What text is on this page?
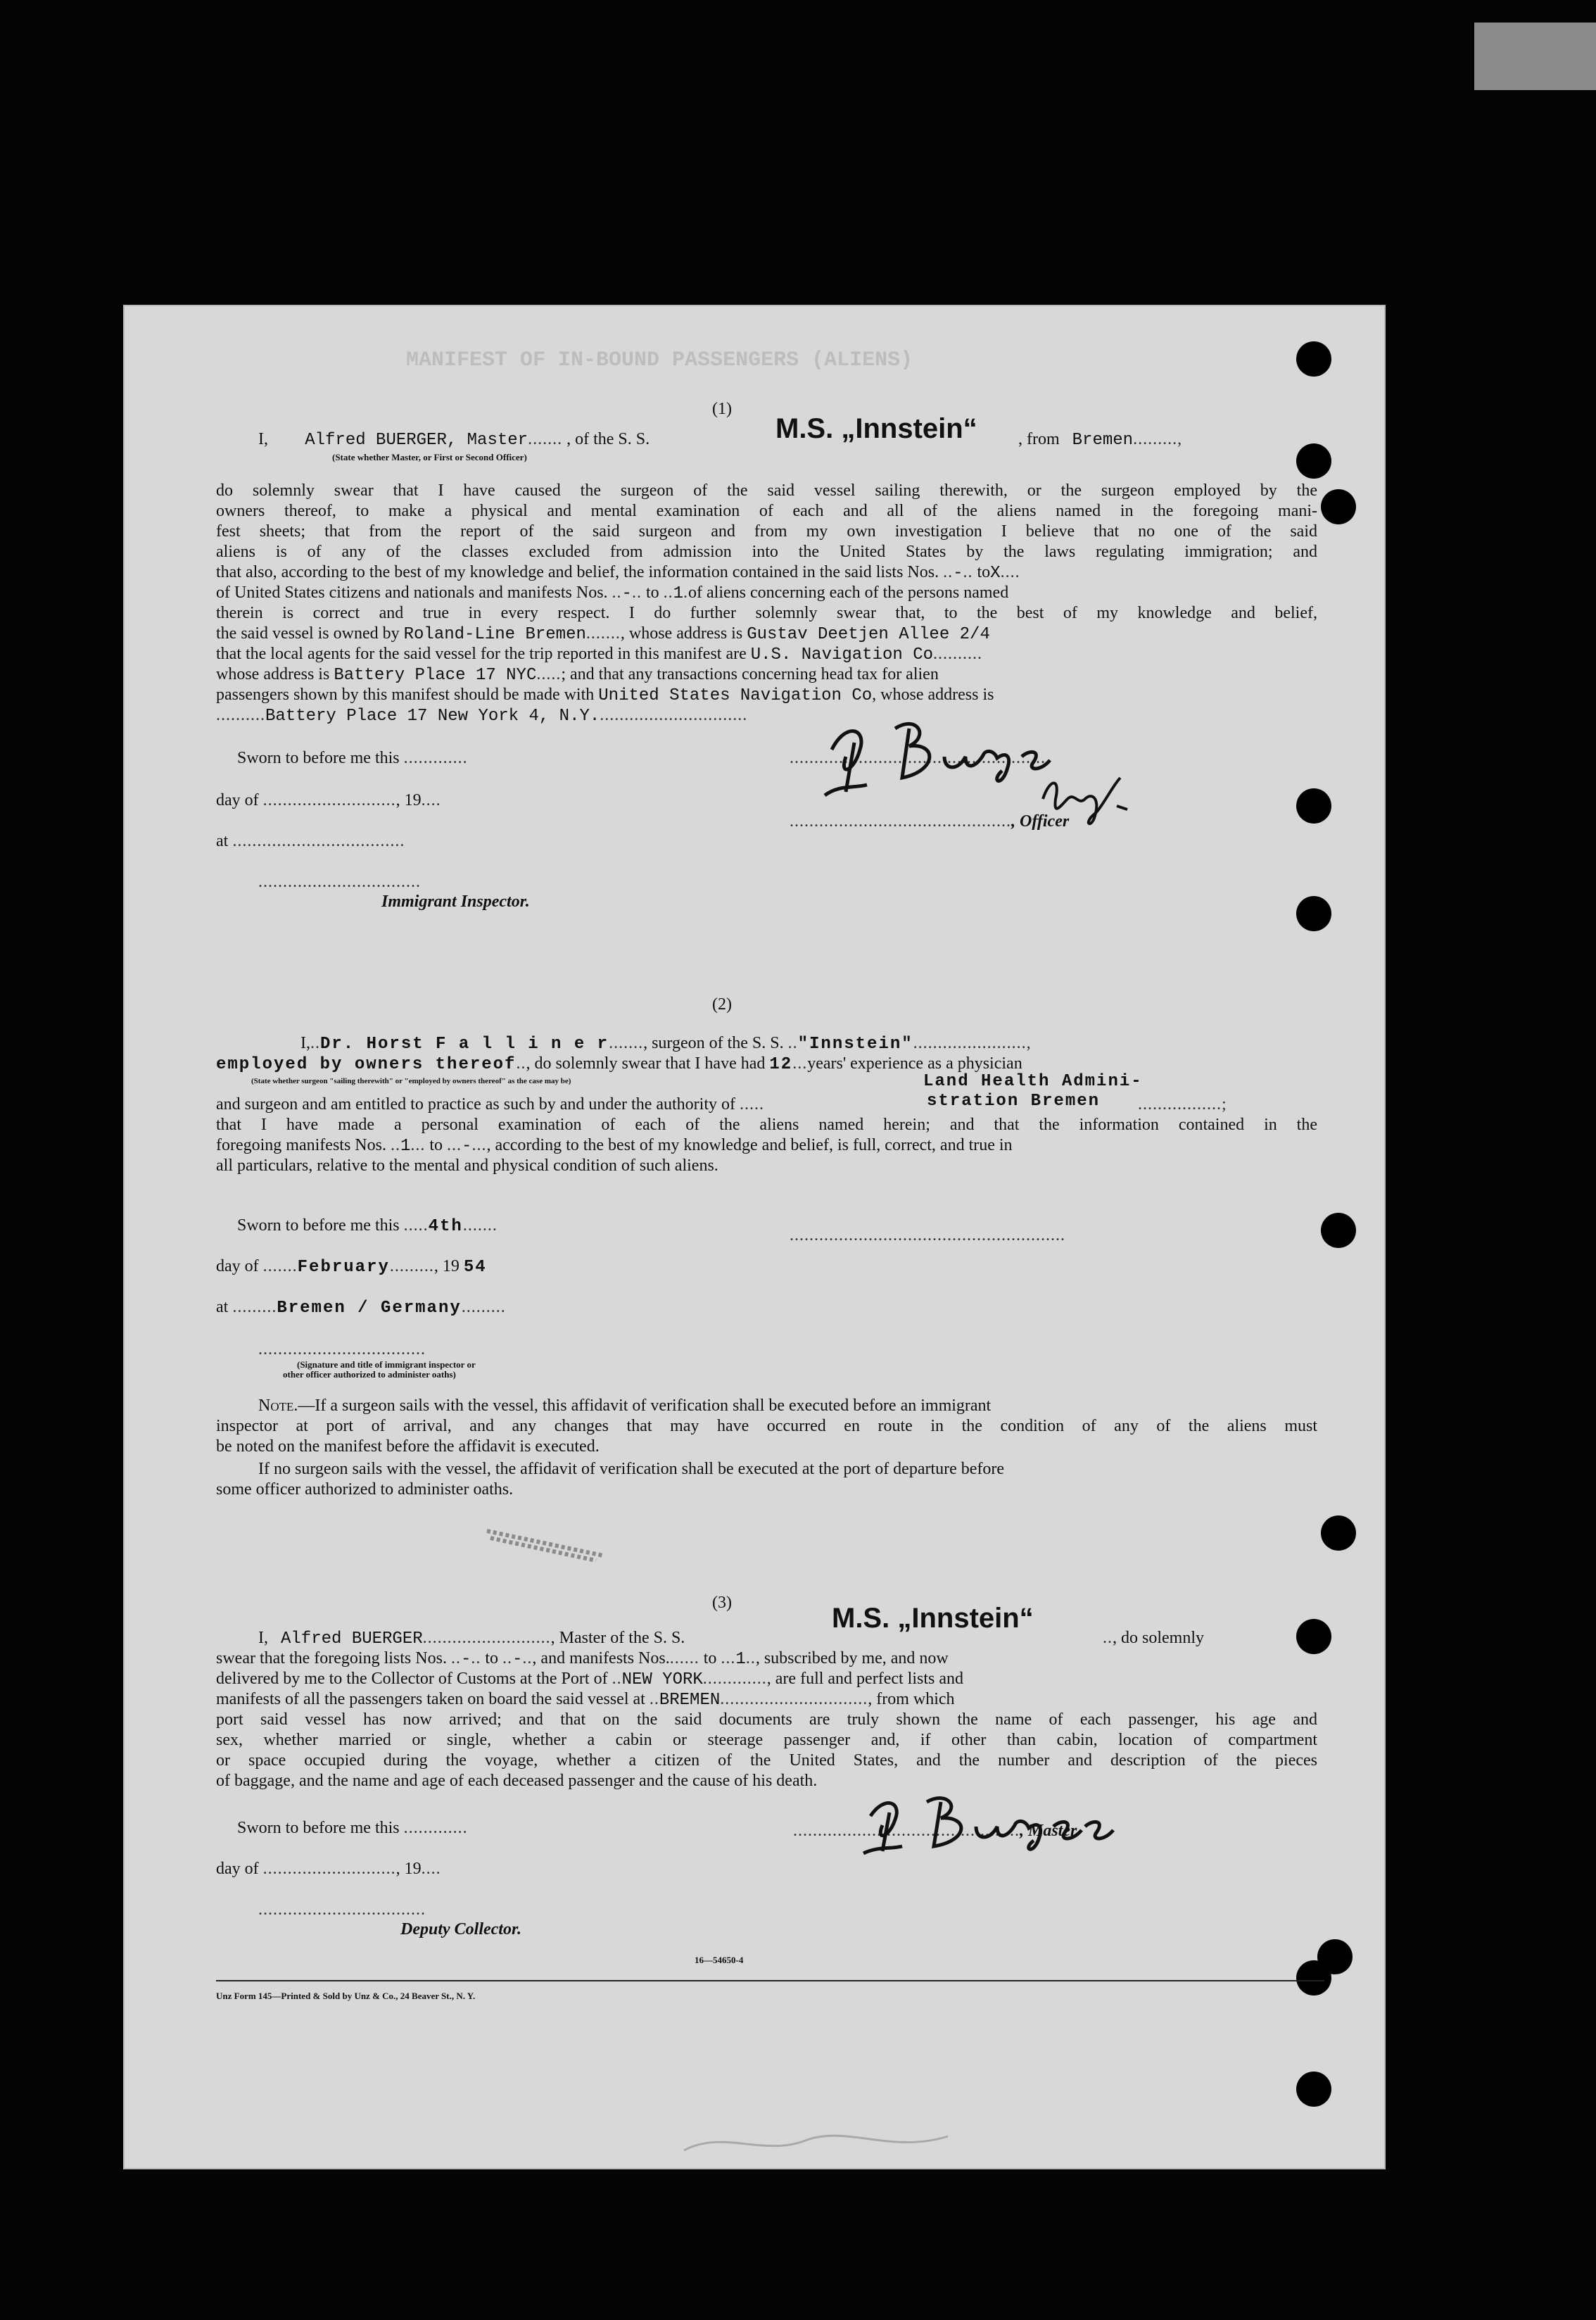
MANIFEST OF IN-BOUND PASSENGERS (ALIENS)
(1)
I, Alfred BUERGER, Master....... , of the S. S.	M.S. „Innstein“ , from Bremen.........,
(State whether Master, or First or Second Officer)
do solemnly swear that I have caused the surgeon of the said vessel sailing therewith, or the surgeon employed by the
owners thereof, to make a physical and mental examination of each and all of the aliens named in the foregoing mani-
fest sheets; that from the report of the said surgeon and from my own investigation I believe that no one of the said
aliens is of any of the classes excluded from admission into the United States by the laws regulating immigration; and
that also, according to the best of my knowledge and belief, the information contained in the said lists Nos. ..-.. toX....
of United States citizens and nationals and manifests Nos. ..-.. to ..1.of aliens concerning each of the persons named
therein is correct and true in every respect. I do further solemnly swear that, to the best of my knowledge and belief,
the said vessel is owned by Roland-Line Bremen......., whose address is Gustav Deetjen Allee 2/4
that the local agents for the said vessel for the trip reported in this manifest are U.S. Navigation Co..........
whose address is Battery Place 17 NYC.....; and that any transactions concerning head tax for alien
passengers shown by this manifest should be made with United States Navigation Co, whose address is
..........Battery Place 17 New York 4, N.Y...............................
Sworn to before me this .............
day of ..........................., 19....
at ...................................
.................................
Immigrant Inspector.
....................................................
............................................., Officer
(2)
I,..Dr. Horst F a l l i n e r......., surgeon of the S. S. .."Innstein".......................,
employed by owners thereof.., do solemnly swear that I have had 12...years' experience as a physician
(State whether surgeon "sailing therewith" or "employed by owners thereof" as the case may be)	Land Health Admini-
and surgeon and am entitled to practice as such by and under the authority of .....	stration Bremen .................;
that I have made a personal examination of each of the aliens named herein; and that the information contained in the
foregoing manifests Nos. ..1... to ...-..., according to the best of my knowledge and belief, is full, correct, and true in
all particulars, relative to the mental and physical condition of such aliens.
Sworn to before me this .....4th.......
day of .......February........., 19 54
at .........Bremen / Germany.........
..................................
(Signature and title of immigrant inspector or
other officer authorized to administer oaths)
........................................................
Note.—If a surgeon sails with the vessel, this affidavit of verification shall be executed before an immigrant
inspector at port of arrival, and any changes that may have occurred en route in the condition of any of the aliens must
be noted on the manifest before the affidavit is executed.
If no surgeon sails with the vessel, the affidavit of verification shall be executed at the port of departure before
some officer authorized to administer oaths.
(3)
I, Alfred BUERGER.........................., Master of the S. S.
M.S. „Innstein“
.., do solemnly
swear that the foregoing lists Nos. ..-.. to ..-.., and manifests Nos....... to ...1.., subscribed by me, and now
delivered by me to the Collector of Customs at the Port of ..NEW YORK............., are full and perfect lists and
manifests of all the passengers taken on board the said vessel at ..BREMEN.............................., from which
port said vessel has now arrived; and that on the said documents are truly shown the name of each passenger, his age and
sex, whether married or single, whether a cabin or steerage passenger and, if other than cabin, location of compartment
or space occupied during the voyage, whether a citizen of the United States, and the number and description of the pieces
of baggage, and the name and age of each deceased passenger and the cause of his death.
Sworn to before me this .............
day of ..........................., 19....
..................................
Deputy Collector.
.............................................., Master
16—54650-4
Unz Form 145—Printed & Sold by Unz & Co., 24 Beaver St., N. Y.
